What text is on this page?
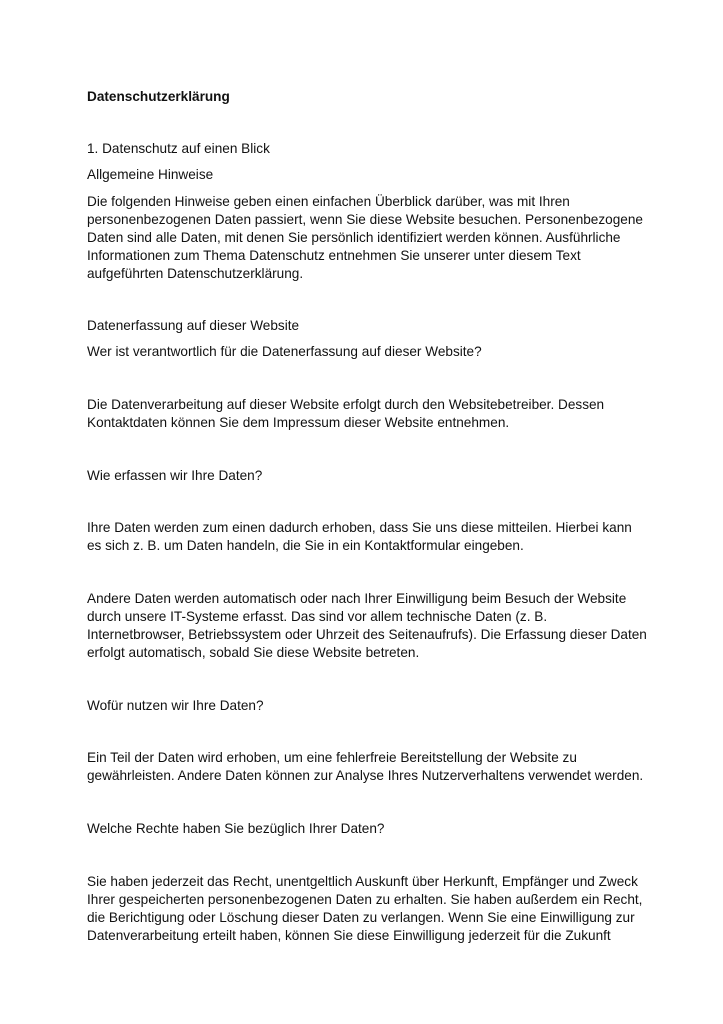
Datenschutzerklärung

1. Datenschutz auf einen Blick

Allgemeine Hinweise

Die folgenden Hinweise geben einen einfachen Überblick darüber, was mit Ihren

personenbezogenen Daten passiert, wenn Sie diese Website besuchen. Personenbezogene

Daten sind alle Daten, mit denen Sie persönlich identifiziert werden können. Ausführliche

Informationen zum Thema Datenschutz entnehmen Sie unserer unter diesem Text

aufgeführten Datenschutzerklärung.

Datenerfassung auf dieser Website

Wer ist verantwortlich für die Datenerfassung auf dieser Website?

Die Datenverarbeitung auf dieser Website erfolgt durch den Websitebetreiber. Dessen

Kontaktdaten können Sie dem Impressum dieser Website entnehmen.

Wie erfassen wir Ihre Daten?

Ihre Daten werden zum einen dadurch erhoben, dass Sie uns diese mitteilen. Hierbei kann

es sich z. B. um Daten handeln, die Sie in ein Kontaktformular eingeben.

Andere Daten werden automatisch oder nach Ihrer Einwilligung beim Besuch der Website

durch unsere IT-Systeme erfasst. Das sind vor allem technische Daten (z. B.

Internetbrowser, Betriebssystem oder Uhrzeit des Seitenaufrufs). Die Erfassung dieser Daten

erfolgt automatisch, sobald Sie diese Website betreten.

Wofür nutzen wir Ihre Daten?

Ein Teil der Daten wird erhoben, um eine fehlerfreie Bereitstellung der Website zu

gewährleisten. Andere Daten können zur Analyse Ihres Nutzerverhaltens verwendet werden.

Welche Rechte haben Sie bezüglich Ihrer Daten?

Sie haben jederzeit das Recht, unentgeltlich Auskunft über Herkunft, Empfänger und Zweck

Ihrer gespeicherten personenbezogenen Daten zu erhalten. Sie haben außerdem ein Recht,

die Berichtigung oder Löschung dieser Daten zu verlangen. Wenn Sie eine Einwilligung zur

Datenverarbeitung erteilt haben, können Sie diese Einwilligung jederzeit für die Zukunft
